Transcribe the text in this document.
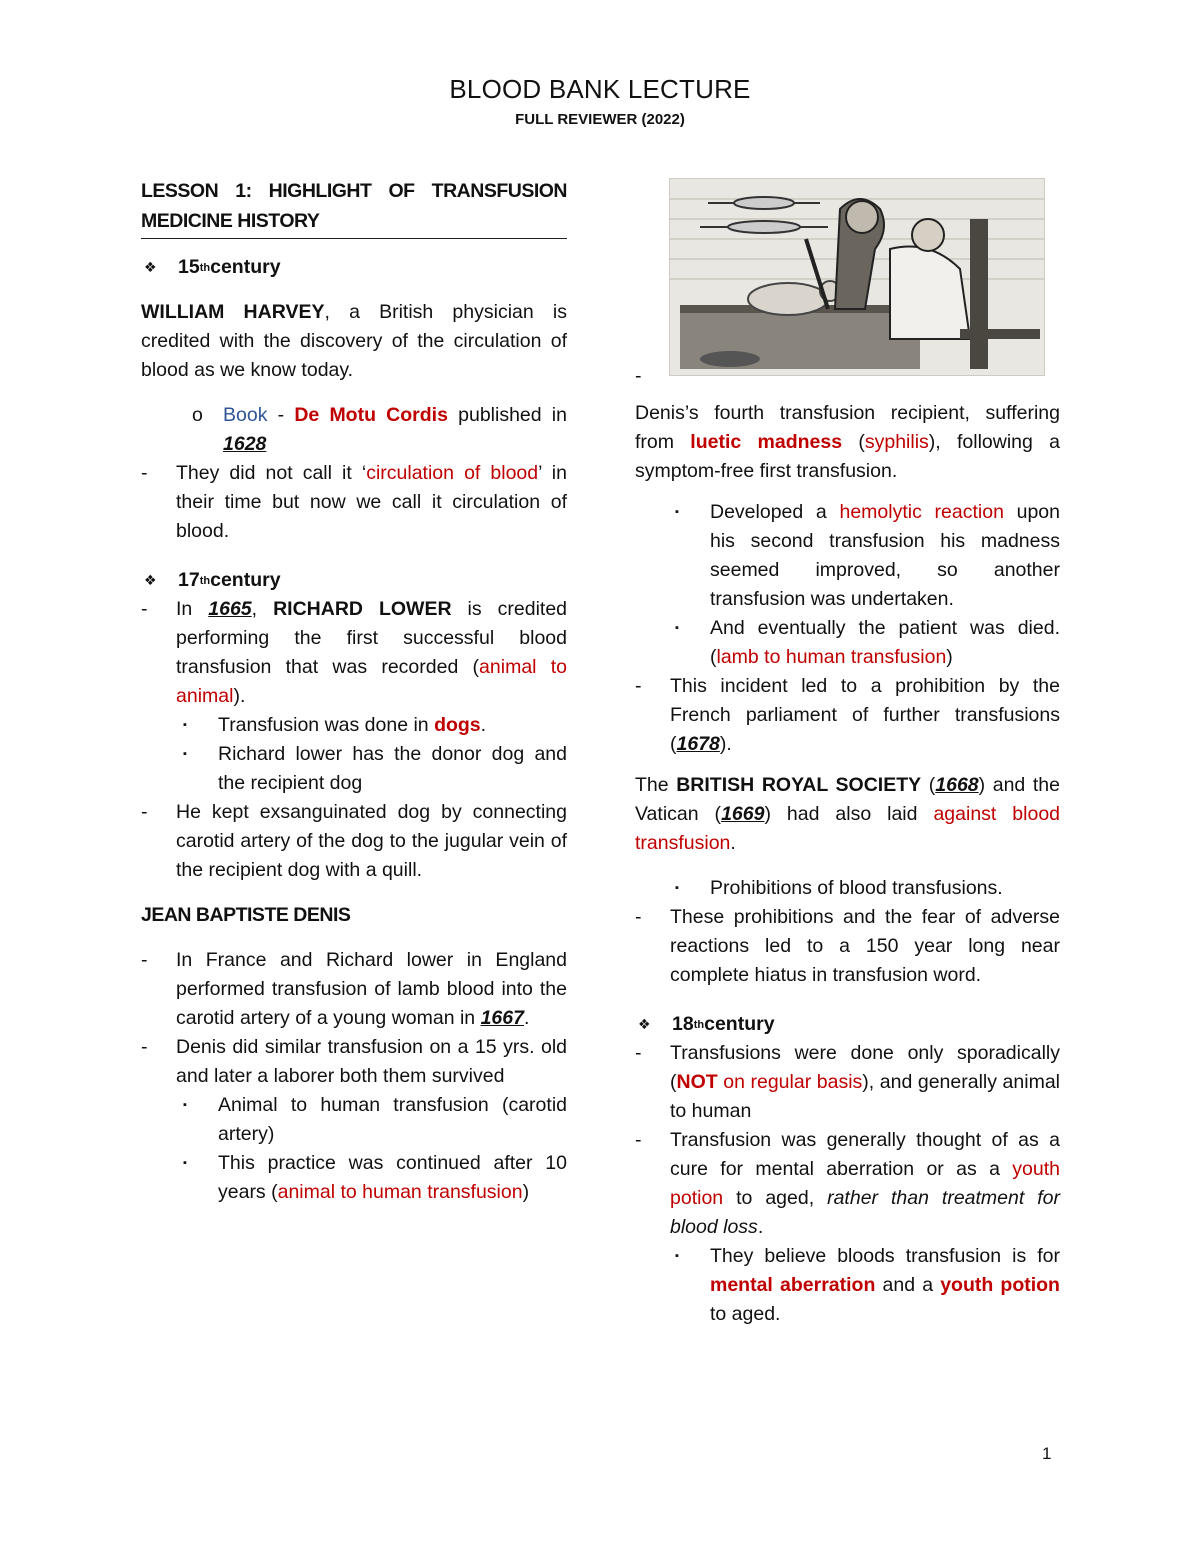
BLOOD BANK LECTURE
FULL REVIEWER (2022)
LESSON 1: HIGHLIGHT OF TRANSFUSION MEDICINE HISTORY
❖	15 th century
WILLIAM HARVEY, a British physician is credited with the discovery of the circulation of blood as we know today.
o	Book - De Motu Cordis published in 1628
-	They did not call it ‘circulation of blood’ in their time but now we call it circulation of blood.
❖	17 th century
-	In 1665, RICHARD LOWER is credited performing the first successful blood transfusion that was recorded (animal to animal).
▪	Transfusion was done in dogs.
▪	Richard lower has the donor dog and the recipient dog
-	He kept exsanguinated dog by connecting carotid artery of the dog to the jugular vein of the recipient dog with a quill.
JEAN BAPTISTE DENIS
-	In France and Richard lower in England performed transfusion of lamb blood into the carotid artery of a young woman in 1667.
-	Denis did similar transfusion on a 15 yrs. old and later a laborer both them survived
▪	Animal to human transfusion (carotid artery)
▪	This practice was continued after 10 years (animal to human transfusion)
-
Denis’s fourth transfusion recipient, suffering from luetic madness (syphilis), following a symptom-free first transfusion.
▪	Developed a hemolytic reaction upon his second transfusion his madness seemed improved, so another transfusion was undertaken.
▪	And eventually the patient was died. (lamb to human transfusion)
-	This incident led to a prohibition by the French parliament of further transfusions (1678).
The BRITISH ROYAL SOCIETY (1668) and the Vatican (1669) had also laid against blood transfusion.
▪	Prohibitions of blood transfusions.
-	These prohibitions and the fear of adverse reactions led to a 150 year long near complete hiatus in transfusion word.
❖	18 th century
-	Transfusions were done only sporadically (NOT on regular basis), and generally animal to human
-	Transfusion was generally thought of as a cure for mental aberration or as a youth potion to aged, rather than treatment for blood loss.
▪	They believe bloods transfusion is for mental aberration and a youth potion to aged.
1
